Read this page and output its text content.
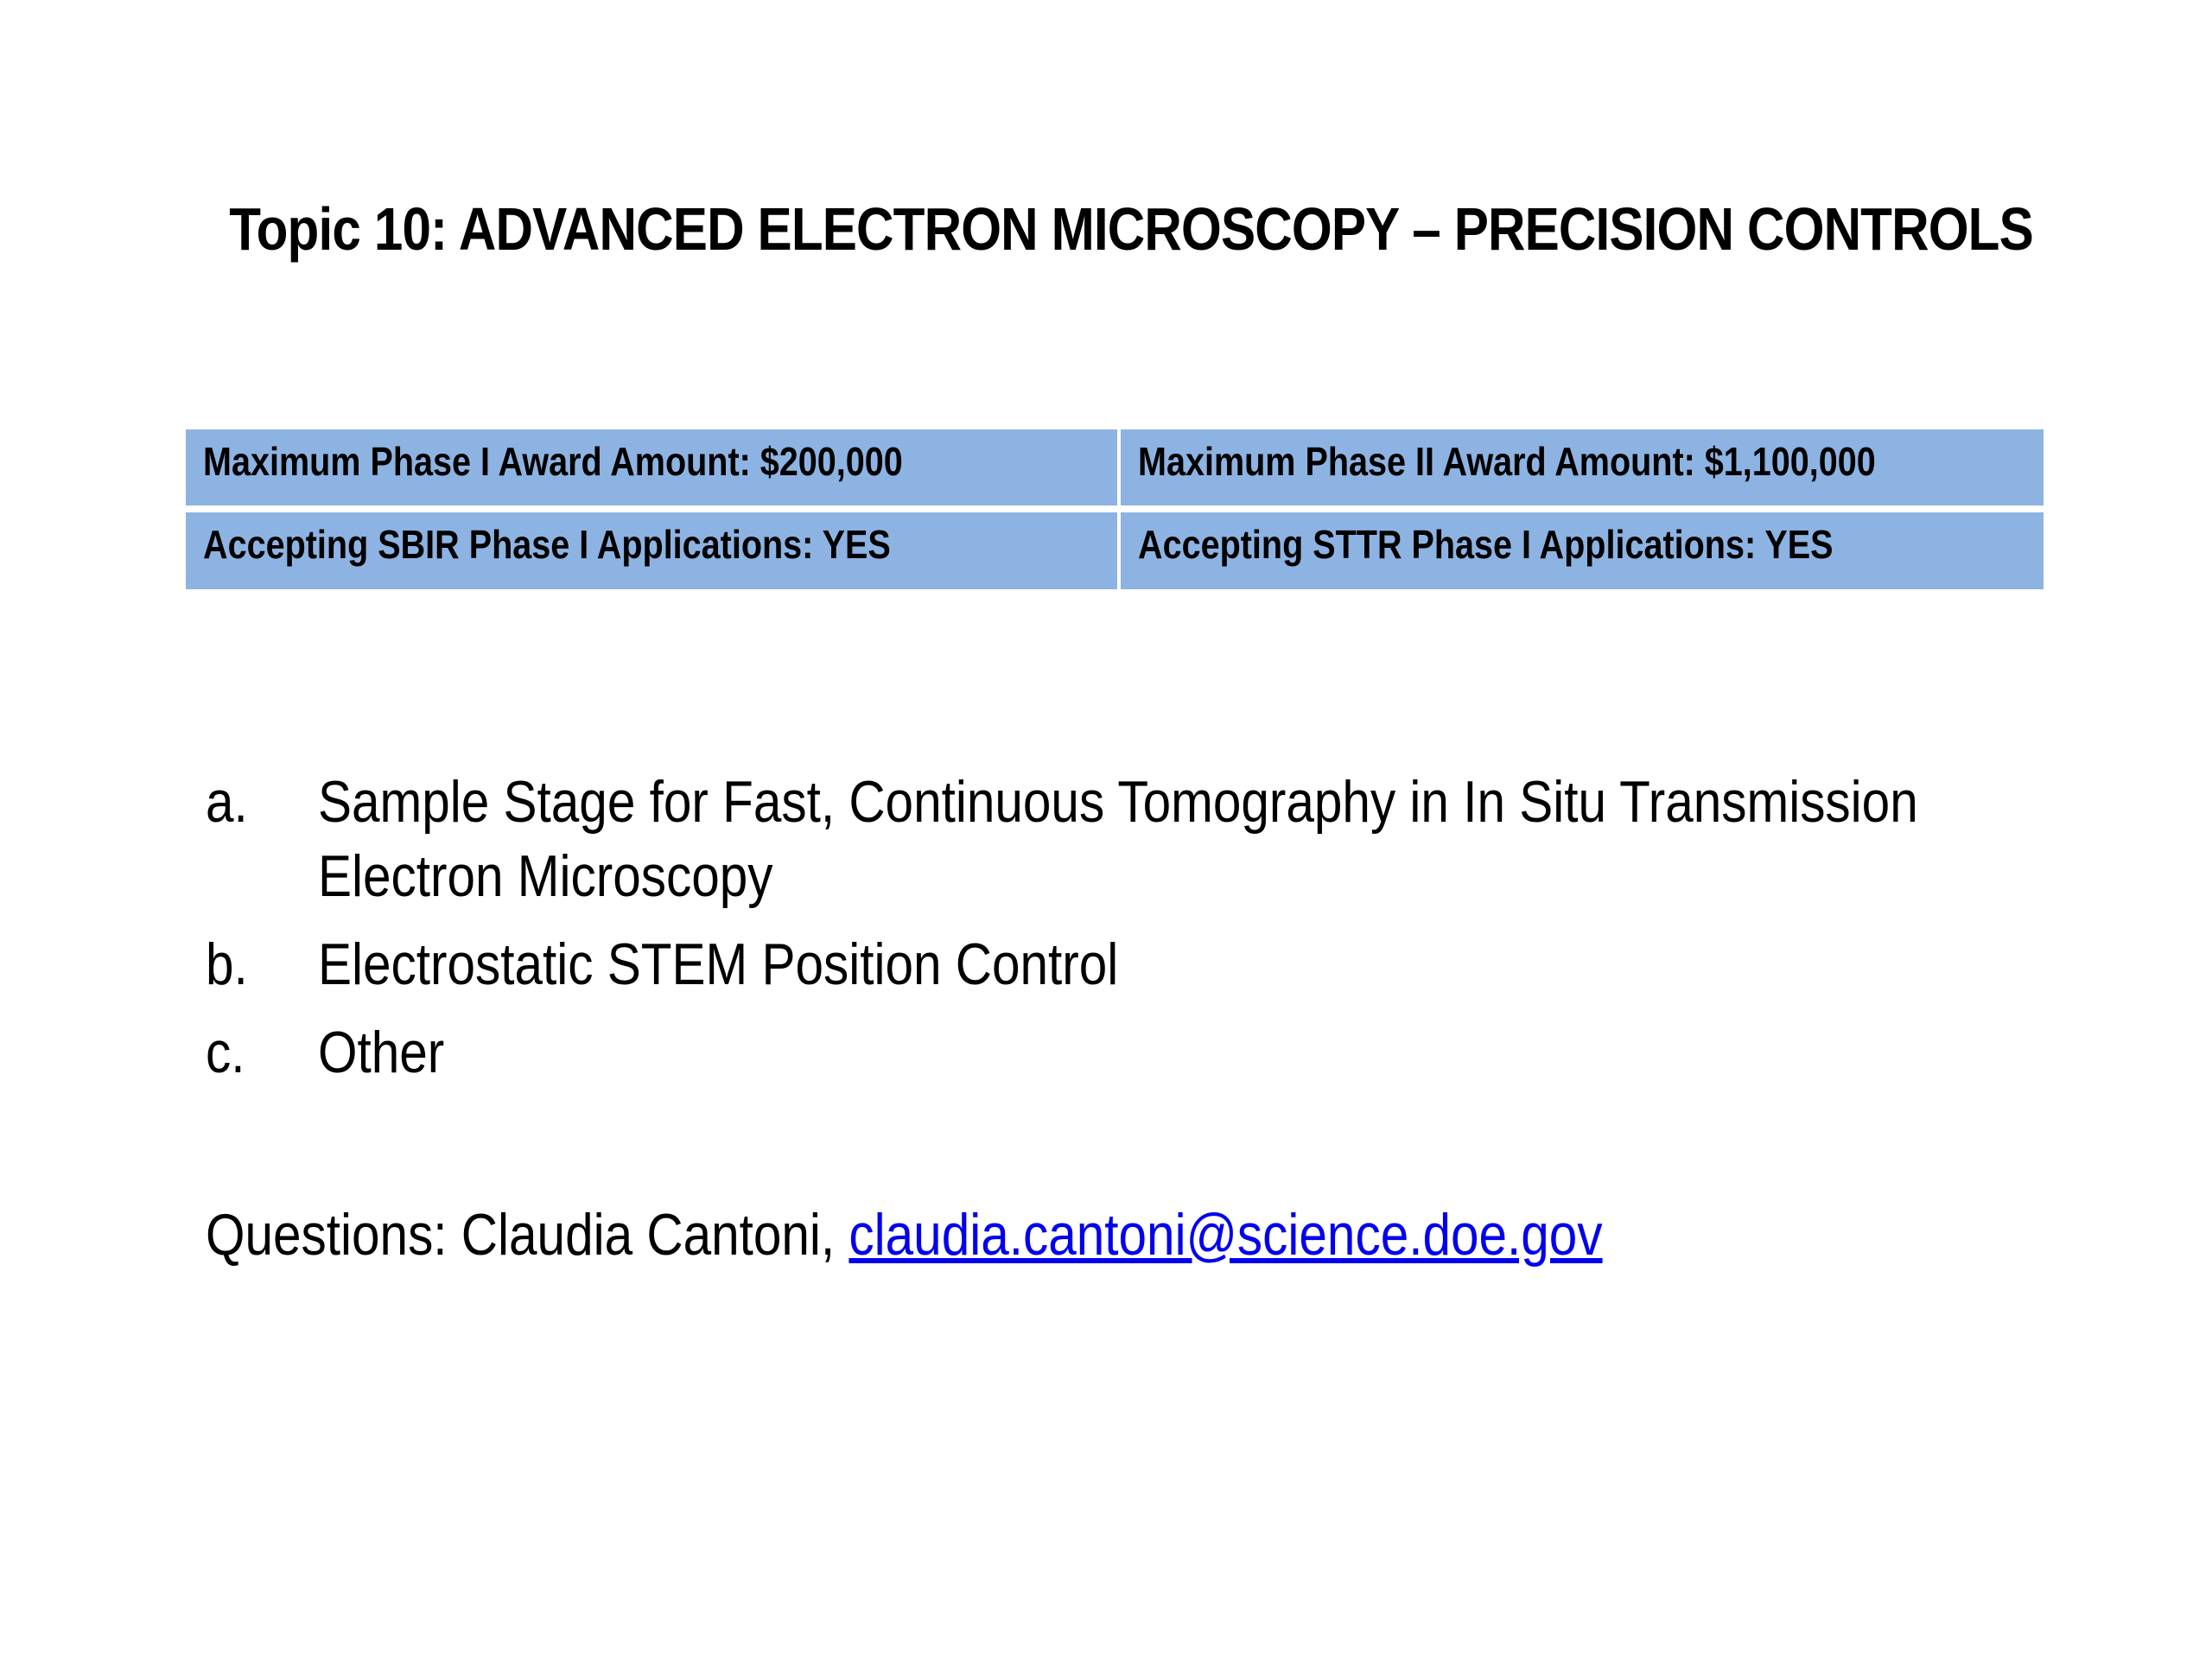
Topic 10: ADVANCED ELECTRON MICROSCOPY – PRECISION CONTROLS
Maximum Phase I Award Amount: $200,000	Maximum Phase II Award Amount: $1,100,000
Accepting SBIR Phase I Applications: YES	Accepting STTR Phase I Applications: YES
a. Sample Stage for Fast, Continuous Tomography in In Situ Transmission
Electron Microscopy
b. Electrostatic STEM Position Control
c. Other
Questions: Claudia Cantoni, claudia.cantoni@science.doe.gov
